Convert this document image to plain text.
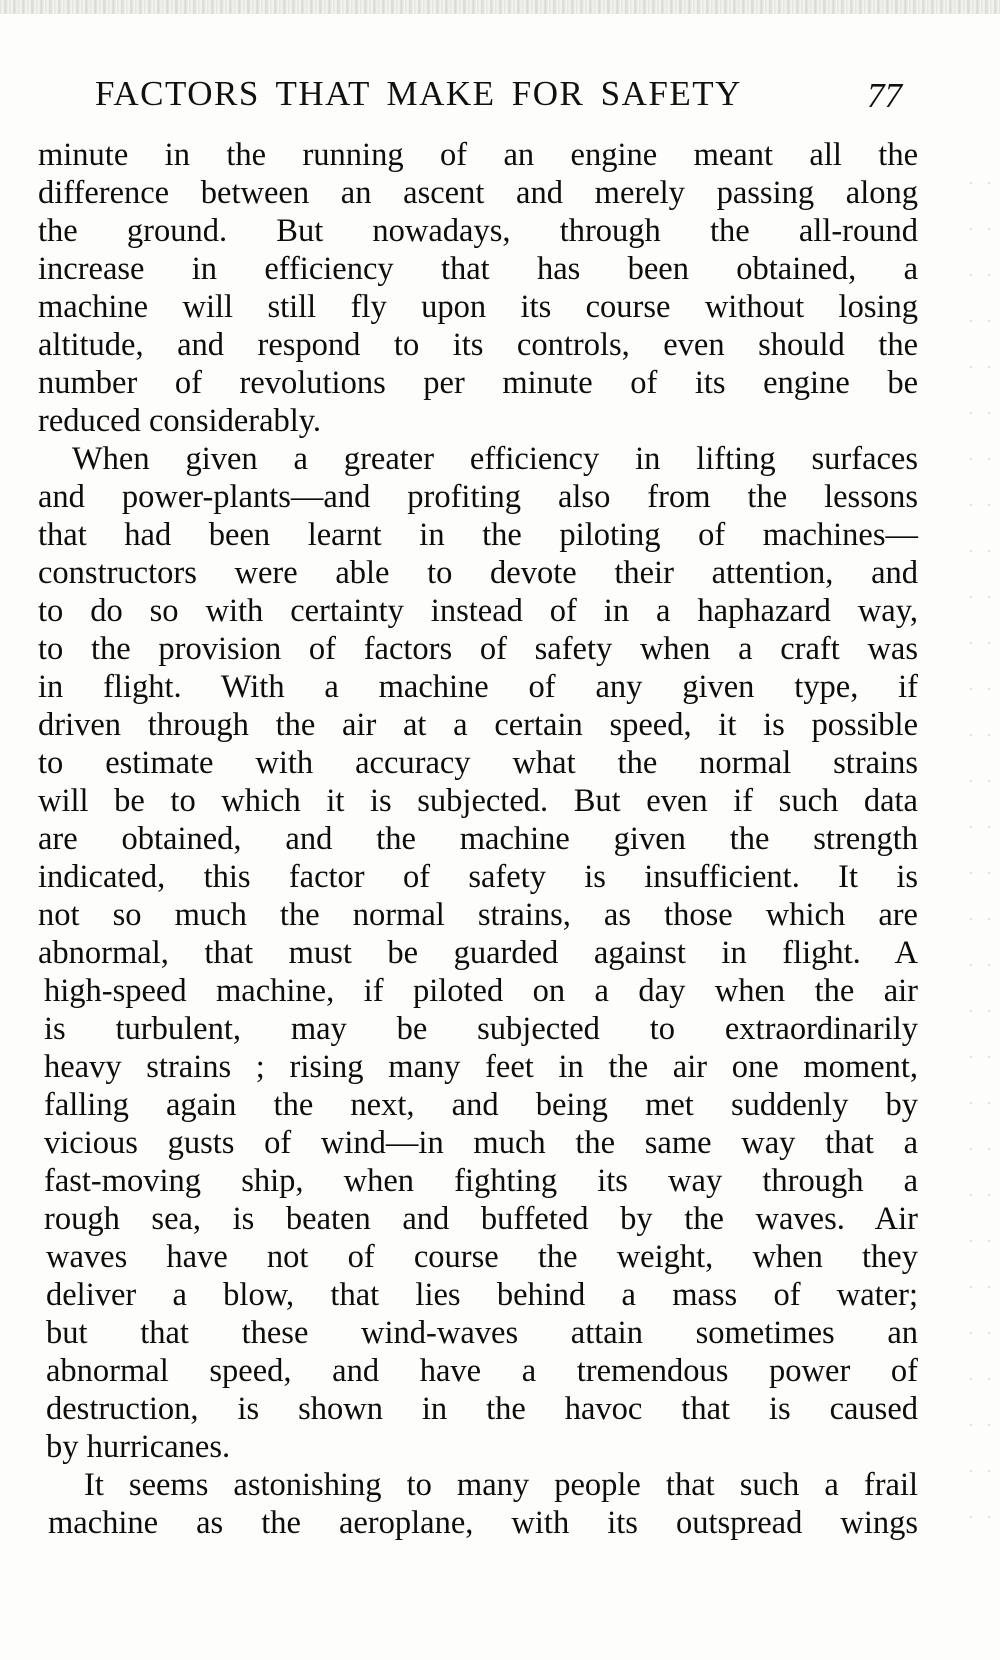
FACTORS THAT MAKE FOR SAFETY	77
minute in the running of an engine meant all the
difference between an ascent and merely passing along
the ground. But nowadays, through the all-round
increase in efficiency that has been obtained, a
machine will still fly upon its course without losing
altitude, and respond to its controls, even should the
number of revolutions per minute of its engine be
reduced considerably.
When given a greater efficiency in lifting surfaces
and power-plants—and profiting also from the lessons
that had been learnt in the piloting of machines—
constructors were able to devote their attention, and
to do so with certainty instead of in a haphazard way,
to the provision of factors of safety when a craft was
in flight. With a machine of any given type, if
driven through the air at a certain speed, it is possible
to estimate with accuracy what the normal strains
will be to which it is subjected. But even if such data
are obtained, and the machine given the strength
indicated, this factor of safety is insufficient. It is
not so much the normal strains, as those which are
abnormal, that must be guarded against in flight. A
high-speed machine, if piloted on a day when the air
is turbulent, may be subjected to extraordinarily
heavy strains ; rising many feet in the air one moment,
falling again the next, and being met suddenly by
vicious gusts of wind—in much the same way that a
fast-moving ship, when fighting its way through a
rough sea, is beaten and buffeted by the waves. Air
waves have not of course the weight, when they
deliver a blow, that lies behind a mass of water;
but that these wind-waves attain sometimes an
abnormal speed, and have a tremendous power of
destruction, is shown in the havoc that is caused
by hurricanes.
It seems astonishing to many people that such a frail
machine as the aeroplane, with its outspread wings
